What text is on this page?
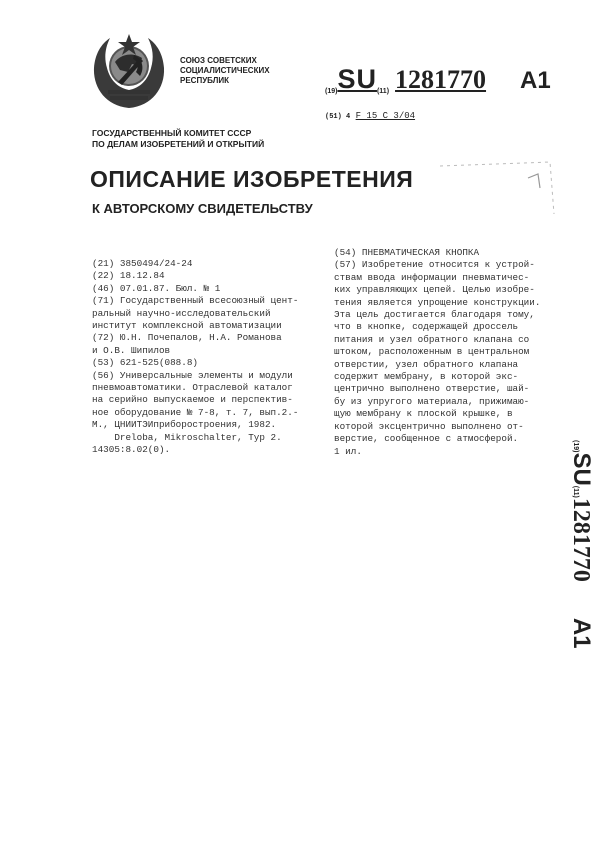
СОЮЗ СОВЕТСКИХ
СОЦИАЛИСТИЧЕСКИХ
РЕСПУБЛИК
(19)SU(11) 1281770 A1
(51) 4 F 15 C 3/04
ГОСУДАРСТВЕННЫЙ КОМИТЕТ СССР
ПО ДЕЛАМ ИЗОБРЕТЕНИЙ И ОТКРЫТИЙ
ОПИСАНИЕ ИЗОБРЕТЕНИЯ
К АВТОРСКОМУ СВИДЕТЕЛЬСТВУ
(21) 3850494/24-24
(22) 18.12.84
(46) 07.01.87. Бюл. № 1
(71) Государственный всесоюзный цент-
ральный научно-исследовательский
институт комплексной автоматизации
(72) Ю.Н. Почепалов, Н.А. Романова
и О.В. Шипилов
(53) 621-525(088.8)
(56) Универсальные элементы и модули
пневмоавтоматики. Отраслевой каталог
на серийно выпускаемое и перспектив-
ное оборудование № 7-8, т. 7, вып.2.-
М., ЦНИИТЭИприборостроения, 1982.
Dreloba, Mikroschalter, Typ 2.
14305:8.02(0).
(54) ПНЕВМАТИЧЕСКАЯ КНОПКА
(57) Изобретение относится к устрой-
ствам ввода информации пневматичес-
ких управляющих цепей. Целью изобре-
тения является упрощение конструкции.
Эта цель достигается благодаря тому,
что в кнопке, содержащей дроссель
питания и узел обратного клапана со
штоком, расположенным в центральном
отверстии, узел обратного клапана
содержит мембрану, в которой экс-
центрично выполнено отверстие, шай-
бу из упругого материала, прижимаю-
щую мембрану к плоской крышке, в
которой эксцентрично выполнено от-
верстие, сообщенное с атмосферой.
1 ил.	(19)SU(11)1281770A1
